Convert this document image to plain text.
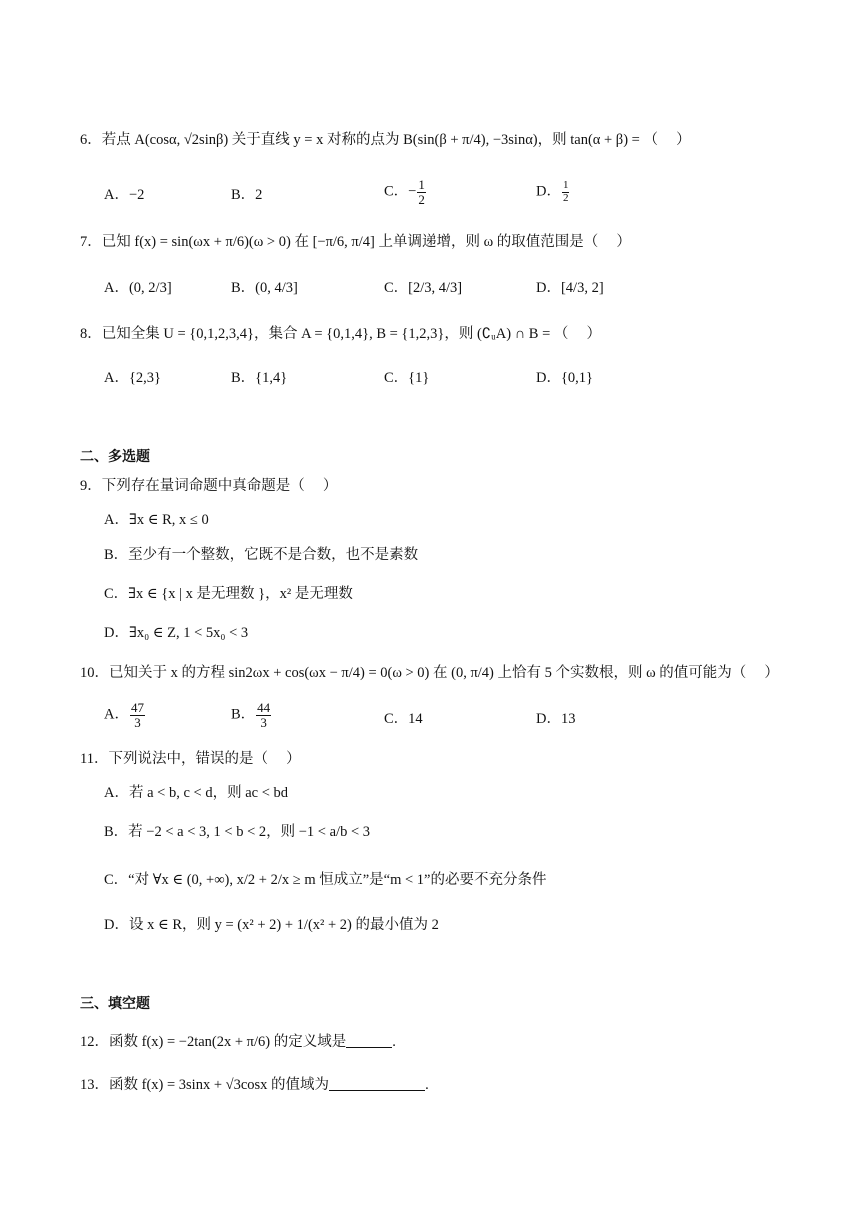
6．若点 A(cosα, √2sinβ) 关于直线 y = x 对称的点为 B(sin(β + π/4), −3sinα)，则 tan(α + β) = （　 ）
A．−2	B．2	C．− $\frac{1}{2}$	D． $\frac{1}{2}$
7．已知 f(x) = sin(ωx + π/6)(ω > 0) 在 [−π/6, π/4] 上单调递增，则 ω 的取值范围是（　 ）
A．(0, 2/3]	B．(0, 4/3]	C．[2/3, 4/3]	D．[4/3, 2]
8．已知全集 U = {0,1,2,3,4}，集合 A = {0,1,4}, B = {1,2,3}，则 (∁ᵤA) ∩ B = （　 ）
A．{2,3}	B．{1,4}	C．{1}	D．{0,1}
二、多选题
9．下列存在量词命题中真命题是（　 ）
A．∃x ∈ R, x ≤ 0
B．至少有一个整数，它既不是合数，也不是素数
C．∃x ∈ {x | x 是无理数 }，x² 是无理数
D．∃x₀ ∈ Z, 1 < 5x₀ < 3
10．已知关于 x 的方程 sin2ωx + cos(ωx − π/4) = 0(ω > 0) 在 (0, π/4) 上恰有 5 个实数根，则 ω 的值可能为（　 ）
A． $\frac{47}{3}$	B． $\frac{44}{3}$	C．14	D．13
11．下列说法中，错误的是（　 ）
A．若 a < b, c < d，则 ac < bd
B．若 −2 < a < 3, 1 < b < 2，则 −1 < a/b < 3
C．“对 ∀x ∈ (0, +∞), x/2 + 2/x ≥ m 恒成立”是“m < 1”的必要不充分条件
D．设 x ∈ R，则 y = (x² + 2) + 1/(x² + 2) 的最小值为 2
三、填空题
12．函数 f(x) = −2tan(2x + π/6) 的定义域是	.
13．函数 f(x) = 3sinx + √3cosx 的值域为	.
